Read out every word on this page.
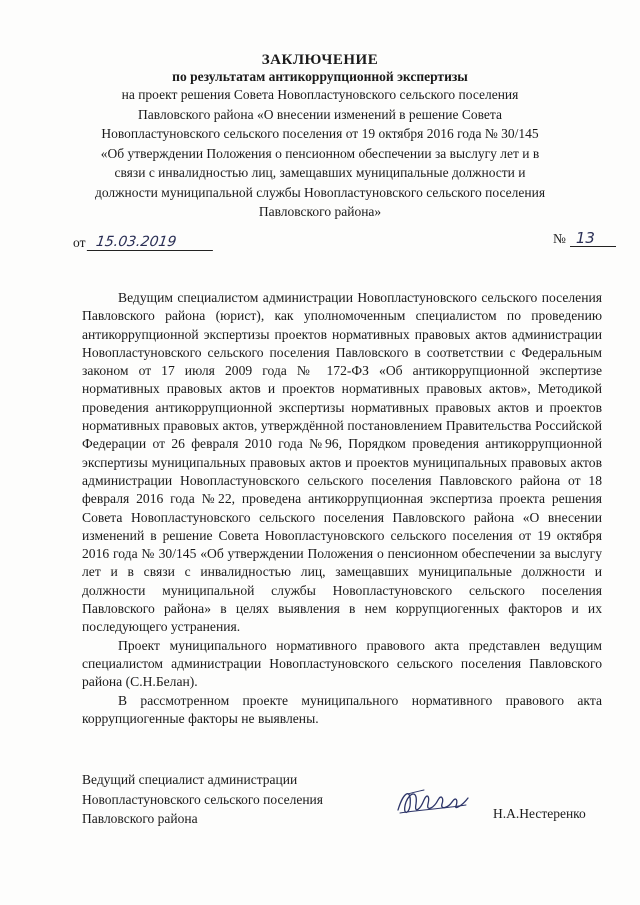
ЗАКЛЮЧЕНИЕ
по результатам антикоррупционной экспертизы
на проект решения Совета Новопластуновского сельского поселения
Павловского района «О внесении изменений в решение Совета
Новопластуновского сельского поселения от 19 октября 2016 года № 30/145
«Об утверждении Положения о пенсионном обеспечении за выслугу лет и в
связи с инвалидностью лиц, замещавших муниципальные должности и
должности муниципальной службы Новопластуновского сельского поселения
Павловского района»
от 15.03.2019	№ 13

Ведущим специалистом администрации Новопластуновского сельского поселения Павловского района (юрист), как уполномоченным специалистом по проведению антикоррупционной экспертизы проектов нормативных правовых актов администрации Новопластуновского сельского поселения Павловского в соответствии с Федеральным законом от 17 июля 2009 года № 172-ФЗ «Об антикоррупционной экспертизе нормативных правовых актов и проектов нормативных правовых актов», Методикой проведения антикоррупционной экспертизы нормативных правовых актов и проектов нормативных правовых актов, утверждённой постановлением Правительства Российской Федерации от 26 февраля 2010 года №96, Порядком проведения антикоррупционной экспертизы муниципальных правовых актов и проектов муниципальных правовых актов администрации Новопластуновского сельского поселения Павловского района от 18 февраля 2016 года №22, проведена антикоррупционная экспертиза проекта решения Совета Новопластуновского сельского поселения Павловского района «О внесении изменений в решение Совета Новопластуновского сельского поселения от 19 октября 2016 года № 30/145 «Об утверждении Положения о пенсионном обеспечении за выслугу лет и в связи с инвалидностью лиц, замещавших муниципальные должности и должности муниципальной службы Новопластуновского сельского поселения Павловского района» в целях выявления в нем коррупциогенных факторов и их последующего устранения.

Проект муниципального нормативного правового акта представлен ведущим специалистом администрации Новопластуновского сельского поселения Павловского района (С.Н.Белан).

В рассмотренном проекте муниципального нормативного правового акта коррупциогенные факторы не выявлены.

Ведущий специалист администрации
Новопластуновского сельского поселения
Павловского района	Н.А.Нестеренко
